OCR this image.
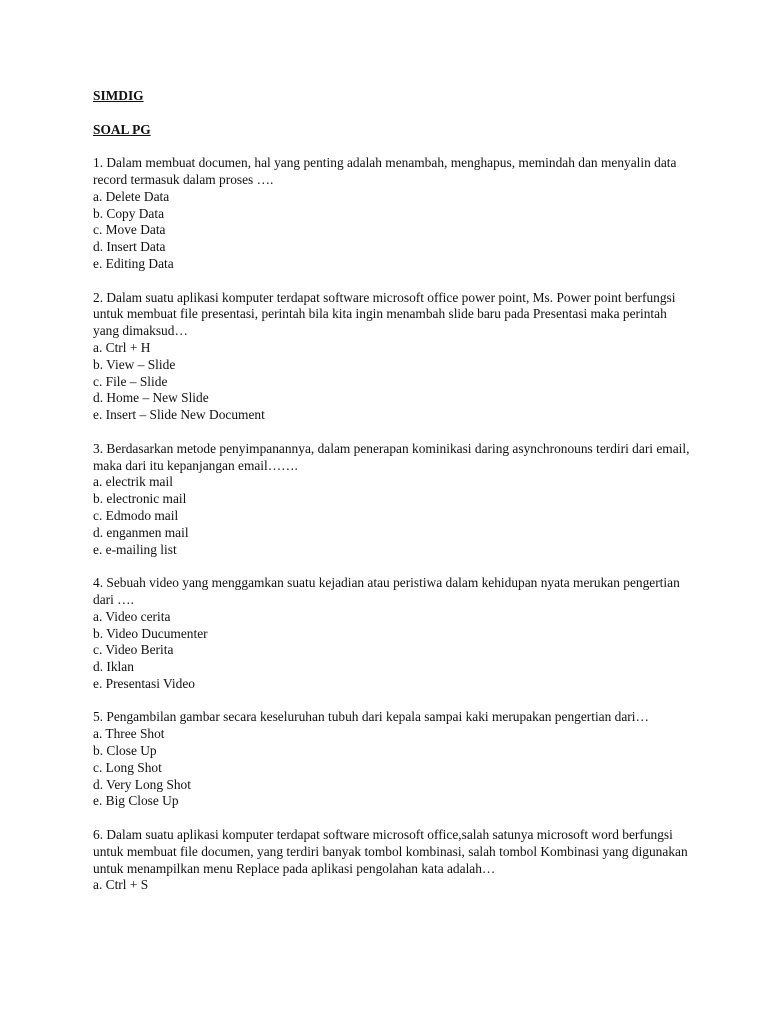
SIMDIG

SOAL PG

1. Dalam membuat documen, hal yang penting adalah menambah, menghapus, memindah dan menyalin data record termasuk dalam proses ….

a. Delete Data
b. Copy Data
c. Move Data
d. Insert Data
e. Editing Data

2. Dalam suatu aplikasi komputer terdapat software microsoft office power point, Ms. Power point berfungsi untuk membuat file presentasi, perintah bila kita ingin menambah slide baru pada Presentasi maka perintah yang dimaksud…

a. Ctrl + H
b. View – Slide
c. File – Slide
d. Home – New Slide
e. Insert – Slide New Document

3. Berdasarkan metode penyimpanannya, dalam penerapan kominikasi daring asynchronouns terdiri dari email, maka dari itu kepanjangan email…….

a. electrik mail
b. electronic mail
c. Edmodo mail
d. enganmen mail
e. e-mailing list

4. Sebuah video yang menggamkan suatu kejadian atau peristiwa dalam kehidupan nyata merukan pengertian dari ….

a. Video cerita
b. Video Ducumenter
c. Video Berita
d. Iklan
e. Presentasi Video

5. Pengambilan gambar secara keseluruhan tubuh dari kepala sampai kaki merupakan pengertian dari…

a. Three Shot
b. Close Up
c. Long Shot
d. Very Long Shot
e. Big Close Up

6. Dalam suatu aplikasi komputer terdapat software microsoft office,salah satunya microsoft word berfungsi untuk membuat file documen, yang terdiri banyak tombol kombinasi, salah tombol Kombinasi yang digunakan untuk menampilkan menu Replace pada aplikasi pengolahan kata adalah…

a. Ctrl + S
